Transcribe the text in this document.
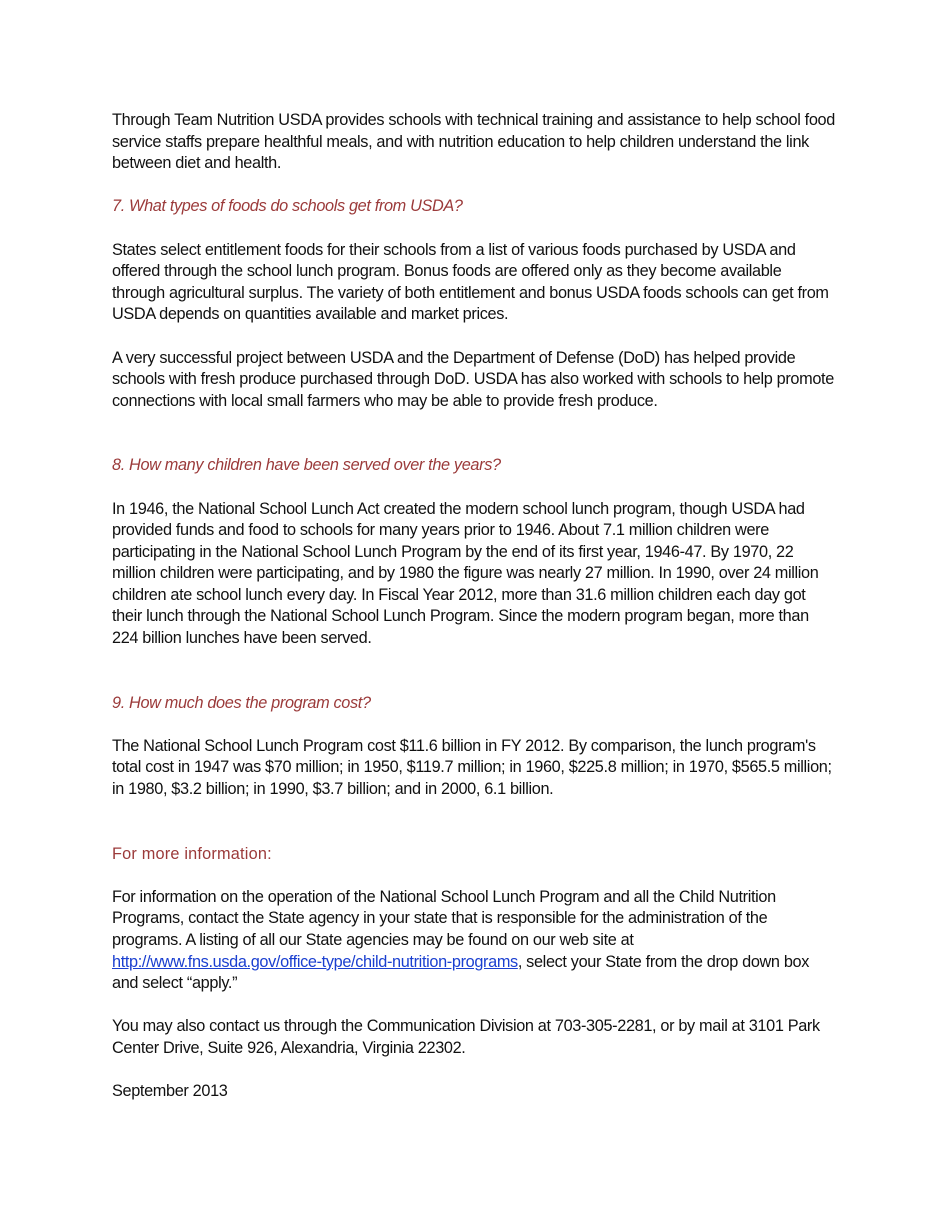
Through Team Nutrition USDA provides schools with technical training and assistance to help school food service staffs prepare healthful meals, and with nutrition education to help children understand the link between diet and health.

7. What types of foods do schools get from USDA?

States select entitlement foods for their schools from a list of various foods purchased by USDA and offered through the school lunch program. Bonus foods are offered only as they become available through agricultural surplus. The variety of both entitlement and bonus USDA foods schools can get from USDA depends on quantities available and market prices.

A very successful project between USDA and the Department of Defense (DoD) has helped provide schools with fresh produce purchased through DoD. USDA has also worked with schools to help promote connections with local small farmers who may be able to provide fresh produce.

8. How many children have been served over the years?

In 1946, the National School Lunch Act created the modern school lunch program, though USDA had provided funds and food to schools for many years prior to 1946. About 7.1 million children were participating in the National School Lunch Program by the end of its first year, 1946-47. By 1970, 22 million children were participating, and by 1980 the figure was nearly 27 million. In 1990, over 24 million children ate school lunch every day. In Fiscal Year 2012, more than 31.6 million children each day got their lunch through the National School Lunch Program. Since the modern program began, more than 224 billion lunches have been served.

9. How much does the program cost?

The National School Lunch Program cost $11.6 billion in FY 2012. By comparison, the lunch program's total cost in 1947 was $70 million; in 1950, $119.7 million; in 1960, $225.8 million; in 1970, $565.5 million; in 1980, $3.2 billion; in 1990, $3.7 billion; and in 2000, 6.1 billion.

For more information:

For information on the operation of the National School Lunch Program and all the Child Nutrition Programs, contact the State agency in your state that is responsible for the administration of the programs. A listing of all our State agencies may be found on our web site at http://www.fns.usda.gov/office-type/child-nutrition-programs, select your State from the drop down box and select “apply.”

You may also contact us through the Communication Division at 703-305-2281, or by mail at 3101 Park Center Drive, Suite 926, Alexandria, Virginia 22302.

September 2013
